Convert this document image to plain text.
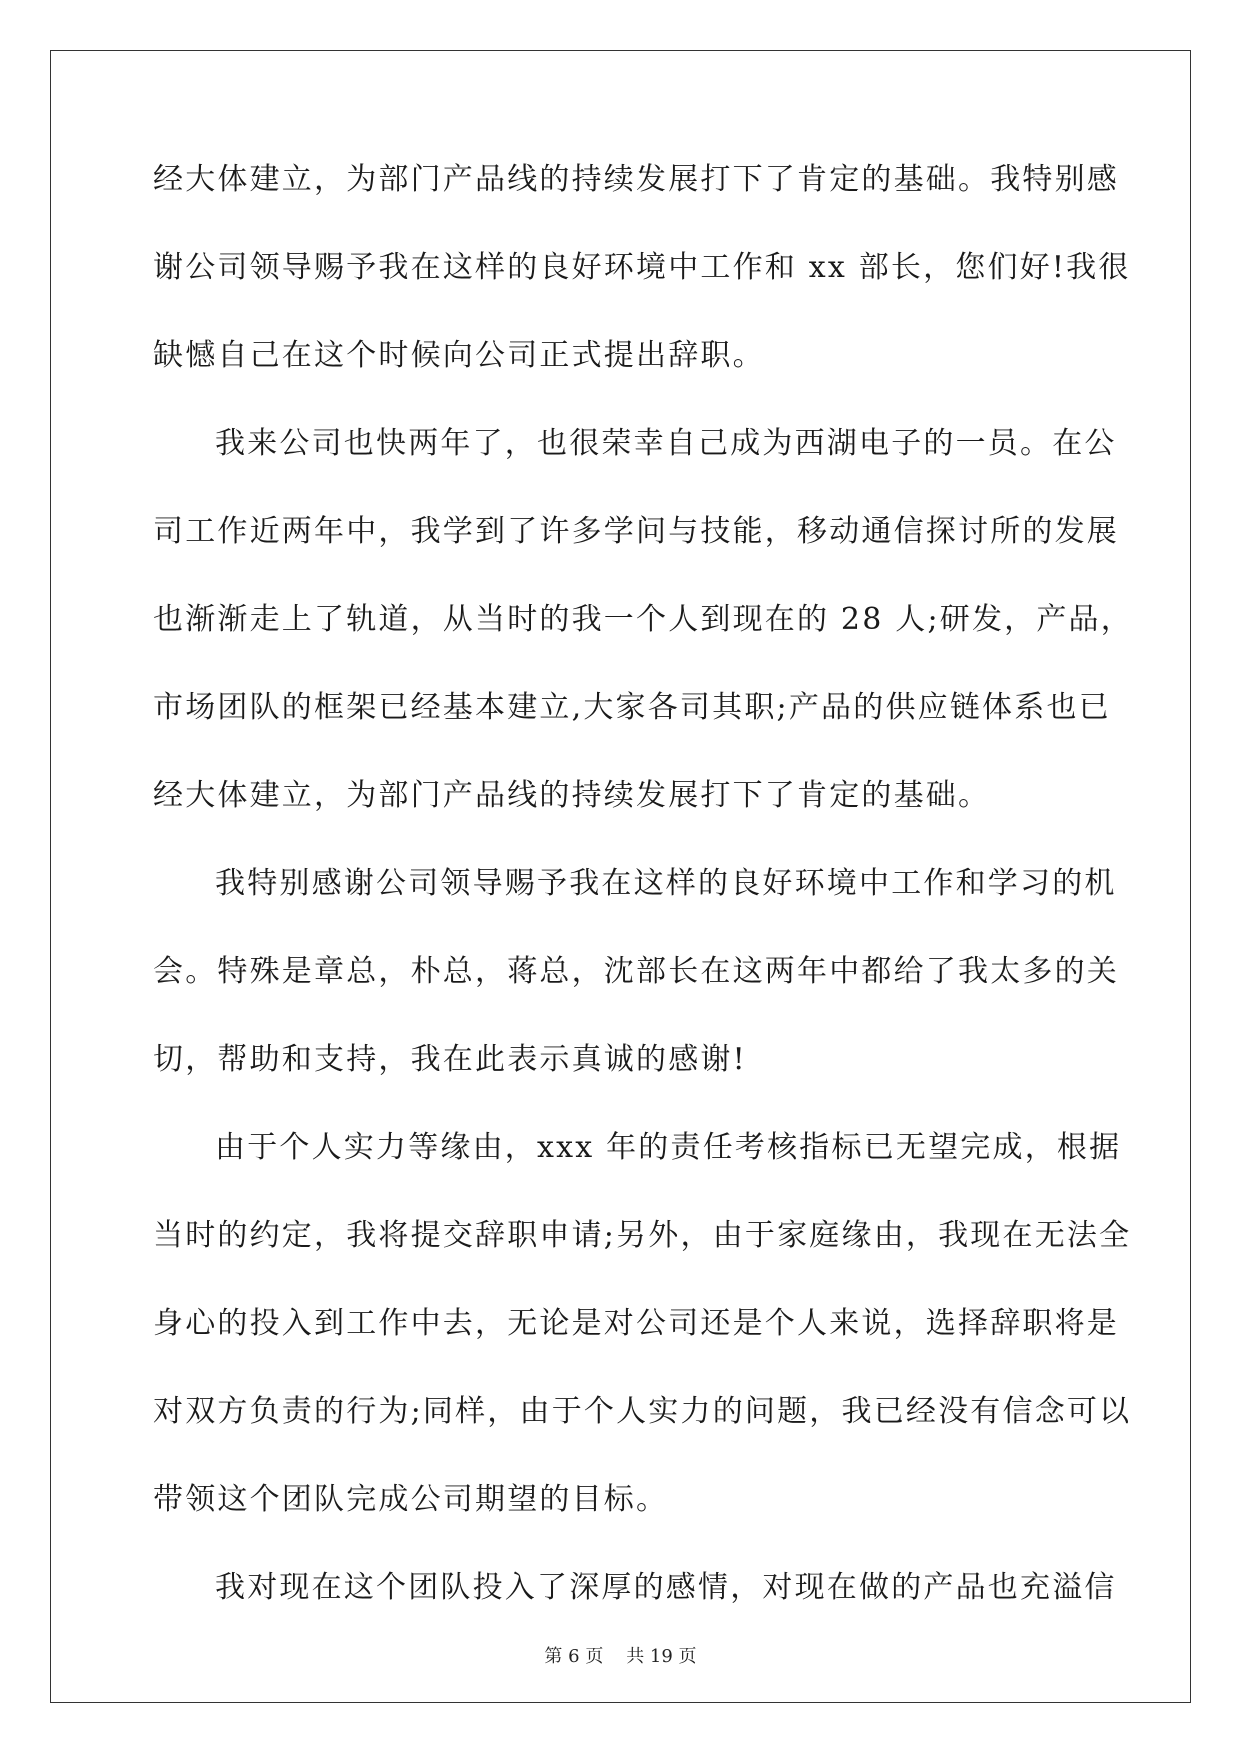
经大体建立，为部门产品线的持续发展打下了肯定的基础。我特别感
谢公司领导赐予我在这样的良好环境中工作和 xx 部长，您们好!我很
缺憾自己在这个时候向公司正式提出辞职。
我来公司也快两年了，也很荣幸自己成为西湖电子的一员。在公
司工作近两年中，我学到了许多学问与技能，移动通信探讨所的发展
也渐渐走上了轨道，从当时的我一个人到现在的 28 人;研发，产品，
市场团队的框架已经基本建立,大家各司其职;产品的供应链体系也已
经大体建立，为部门产品线的持续发展打下了肯定的基础。
我特别感谢公司领导赐予我在这样的良好环境中工作和学习的机
会。特殊是章总，朴总，蒋总，沈部长在这两年中都给了我太多的关
切，帮助和支持，我在此表示真诚的感谢!
由于个人实力等缘由，xxx 年的责任考核指标已无望完成，根据
当时的约定，我将提交辞职申请;另外，由于家庭缘由，我现在无法全
身心的投入到工作中去，无论是对公司还是个人来说，选择辞职将是
对双方负责的行为;同样，由于个人实力的问题，我已经没有信念可以
带领这个团队完成公司期望的目标。
我对现在这个团队投入了深厚的感情，对现在做的产品也充溢信
第 6 页    共 19 页
